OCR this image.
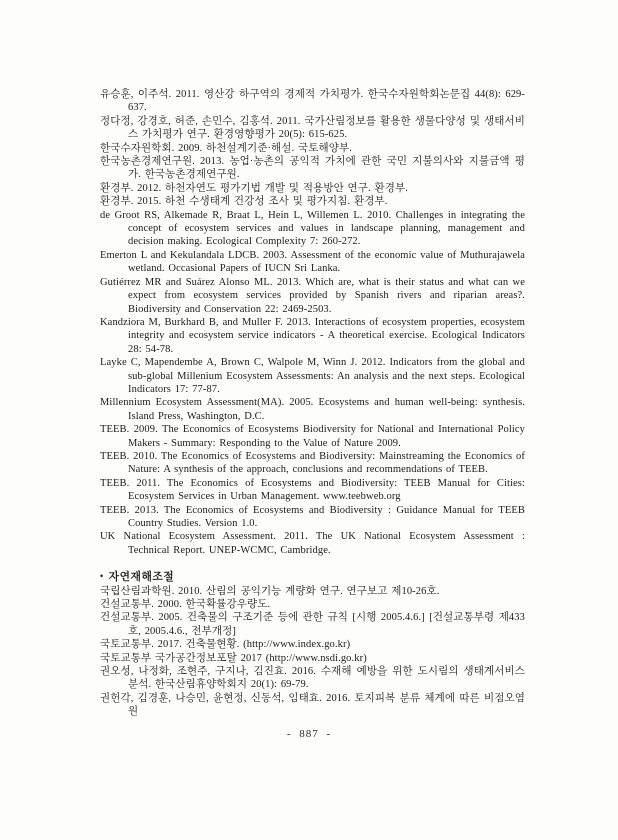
유승훈, 이주석. 2011. 영산강 하구역의 경제적 가치평가. 한국수자원학회논문집 44(8): 629-637.

정다정, 강경호, 허준, 손민수, 김홍석. 2011. 국가산림정보를 활용한 생물다양성 및 생태서비스 가치평가 연구. 환경영향평가 20(5): 615-625.

한국수자원학회. 2009. 하천설계기준·해설. 국토해양부.

한국농촌경제연구원. 2013. 농업·농촌의 공익적 가치에 관한 국민 지불의사와 지불금액 평가. 한국농촌경제연구원.

환경부. 2012. 하천자연도 평가기법 개발 및 적용방안 연구. 환경부.

환경부. 2015. 하천 수생태계 건강성 조사 및 평가지침. 환경부.

de Groot RS, Alkemade R, Braat L, Hein L, Willemen L. 2010. Challenges in integrating the concept of ecosystem services and values in landscape planning, management and decision making. Ecological Complexity 7: 260-272.

Emerton L and Kekulandala LDCB. 2003. Assessment of the economic value of Muthurajawela wetland. Occasional Papers of IUCN Sri Lanka.

Gutiérrez MR and Suárez Alonso ML. 2013. Which are, what is their status and what can we expect from ecosystem services provided by Spanish rivers and riparian areas?. Biodiversity and Conservation 22: 2469-2503.

Kandziora M, Burkhard B, and Muller F. 2013. Interactions of ecosystem properties, ecosystem integrity and ecosystem service indicators - A theoretical exercise. Ecological Indicators 28: 54-78.

Layke C, Mapendembe A, Brown C, Walpole M, Winn J. 2012. Indicators from the global and sub-global Millenium Ecosystem Assessments: An analysis and the next steps. Ecological Indicators 17: 77-87.

Millennium Ecosystem Assessment(MA). 2005. Ecosystems and human well-being: synthesis. Island Press, Washington, D.C.

TEEB. 2009. The Economics of Ecosystems Biodiversity for National and International Policy Makers - Summary: Responding to the Value of Nature 2009.

TEEB. 2010. The Economics of Ecosystems and Biodiversity: Mainstreaming the Economics of Nature: A synthesis of the approach, conclusions and recommendations of TEEB.

TEEB. 2011. The Economics of Ecosystems and Biodiversity: TEEB Manual for Cities: Ecosystem Services in Urban Management. www.teebweb.org

TEEB. 2013. The Economics of Ecosystems and Biodiversity : Guidance Manual for TEEB Country Studies. Version 1.0.

UK National Ecosystem Assessment. 2011. The UK National Ecosystem Assessment : Technical Report. UNEP-WCMC, Cambridge.

• 자연재해조절

국립산림과학원. 2010. 산림의 공익기능 계량화 연구. 연구보고 제10-26호.

건설교통부. 2000. 한국확률강우량도.

건설교통부. 2005. 건축물의 구조기준 등에 관한 규칙 [시행 2005.4.6.] [건설교통부령 제433호, 2005.4.6., 전부개정]

국토교통부. 2017. 건축물현황. (http://www.index.go.kr)

국토교통부 국가공간정보포탈 2017 (http://www.nsdi.go.kr)

권오성, 나정화, 조현주, 구지나, 김진효. 2016. 수재해 예방을 위한 도시림의 생태계서비스 분석. 한국산림휴양학회지 20(1): 69-79.

권헌각, 김경훈, 나승민, 윤현정, 신동석, 임태효. 2016. 토지피복 분류 체계에 따른 비점오염원

- 887 -
